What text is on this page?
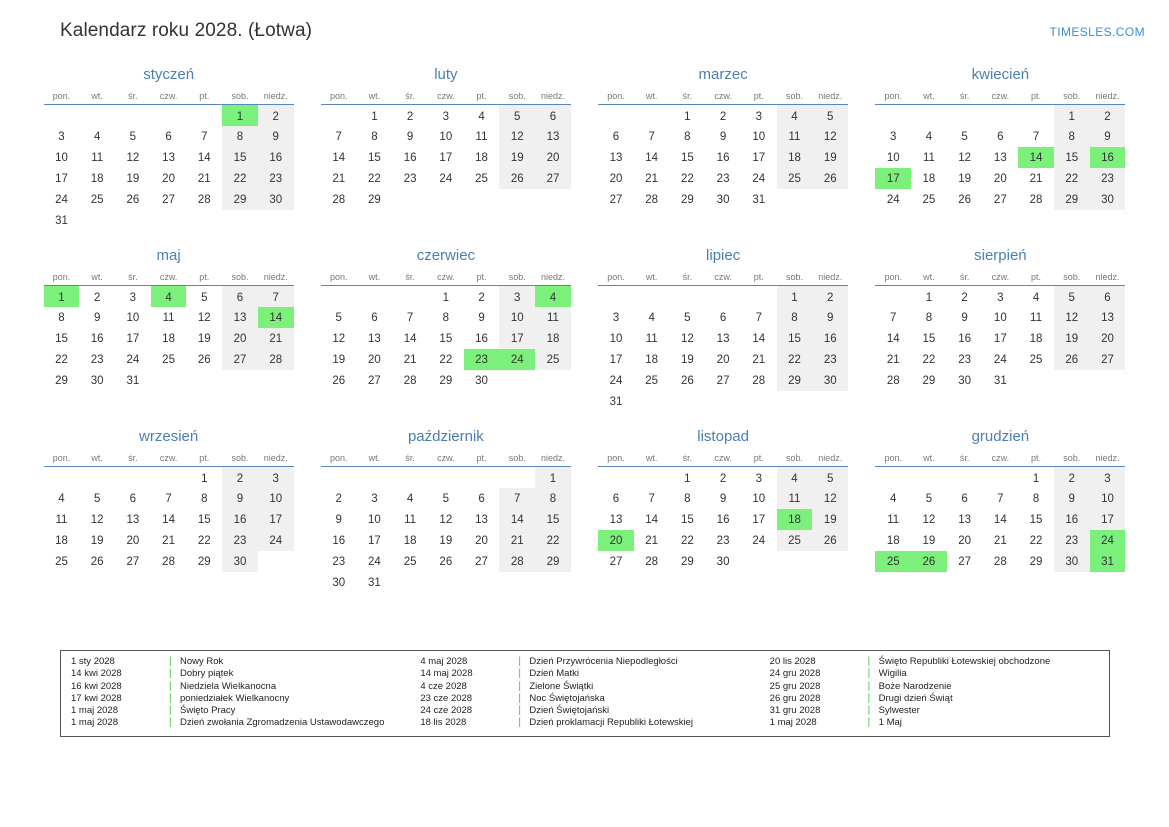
Kalendarz roku 2028. (Łotwa)	TIMESLES.COM
styczeń
pon.	wt.	śr.	czw.	pt.	sob.	niedz.
					1	2
3	4	5	6	7	8	9
10	11	12	13	14	15	16
17	18	19	20	21	22	23
24	25	26	27	28	29	30
31						
luty
pon.	wt.	śr.	czw.	pt.	sob.	niedz.
	1	2	3	4	5	6
7	8	9	10	11	12	13
14	15	16	17	18	19	20
21	22	23	24	25	26	27
28	29					
marzec
pon.	wt.	śr.	czw.	pt.	sob.	niedz.
		1	2	3	4	5
6	7	8	9	10	11	12
13	14	15	16	17	18	19
20	21	22	23	24	25	26
27	28	29	30	31		
kwiecień
pon.	wt.	śr.	czw.	pt.	sob.	niedz.
					1	2
3	4	5	6	7	8	9
10	11	12	13	14	15	16
17	18	19	20	21	22	23
24	25	26	27	28	29	30
maj
pon.	wt.	śr.	czw.	pt.	sob.	niedz.
1	2	3	4	5	6	7
8	9	10	11	12	13	14
15	16	17	18	19	20	21
22	23	24	25	26	27	28
29	30	31				
czerwiec
pon.	wt.	śr.	czw.	pt.	sob.	niedz.
			1	2	3	4
5	6	7	8	9	10	11
12	13	14	15	16	17	18
19	20	21	22	23	24	25
26	27	28	29	30		
lipiec
pon.	wt.	śr.	czw.	pt.	sob.	niedz.
					1	2
3	4	5	6	7	8	9
10	11	12	13	14	15	16
17	18	19	20	21	22	23
24	25	26	27	28	29	30
31						
sierpień
pon.	wt.	śr.	czw.	pt.	sob.	niedz.
	1	2	3	4	5	6
7	8	9	10	11	12	13
14	15	16	17	18	19	20
21	22	23	24	25	26	27
28	29	30	31			
wrzesień
pon.	wt.	śr.	czw.	pt.	sob.	niedz.
				1	2	3
4	5	6	7	8	9	10
11	12	13	14	15	16	17
18	19	20	21	22	23	24
25	26	27	28	29	30	
październik
pon.	wt.	śr.	czw.	pt.	sob.	niedz.
						1
2	3	4	5	6	7	8
9	10	11	12	13	14	15
16	17	18	19	20	21	22
23	24	25	26	27	28	29
30	31					
listopad
pon.	wt.	śr.	czw.	pt.	sob.	niedz.
		1	2	3	4	5
6	7	8	9	10	11	12
13	14	15	16	17	18	19
20	21	22	23	24	25	26
27	28	29	30			
grudzień
pon.	wt.	śr.	czw.	pt.	sob.	niedz.
				1	2	3
4	5	6	7	8	9	10
11	12	13	14	15	16	17
18	19	20	21	22	23	24
25	26	27	28	29	30	31
1 sty 2028	| Nowy Rok
14 kwi 2028	| Dobry piątek
16 kwi 2028	| Niedziela Wielkanocna
17 kwi 2028	| poniedziałek Wielkanocny
1 maj 2028	| Święto Pracy
1 maj 2028	| Dzień zwołania Zgromadzenia Ustawodawczego
4 maj 2028	| Dzień Przywrócenia Niepodległości
14 maj 2028	| Dzień Matki
4 cze 2028	| Zielone Świątki
23 cze 2028	| Noc Świętojańska
24 cze 2028	| Dzień Świętojański
18 lis 2028	| Dzień proklamacji Republiki Łotewskiej
20 lis 2028	| Święto Republiki Łotewskiej obchodzone
24 gru 2028	| Wigilia
25 gru 2028	| Boże Narodzenie
26 gru 2028	| Drugi dzień Świąt
31 gru 2028	| Sylwester
1 maj 2028	| 1 Maj
